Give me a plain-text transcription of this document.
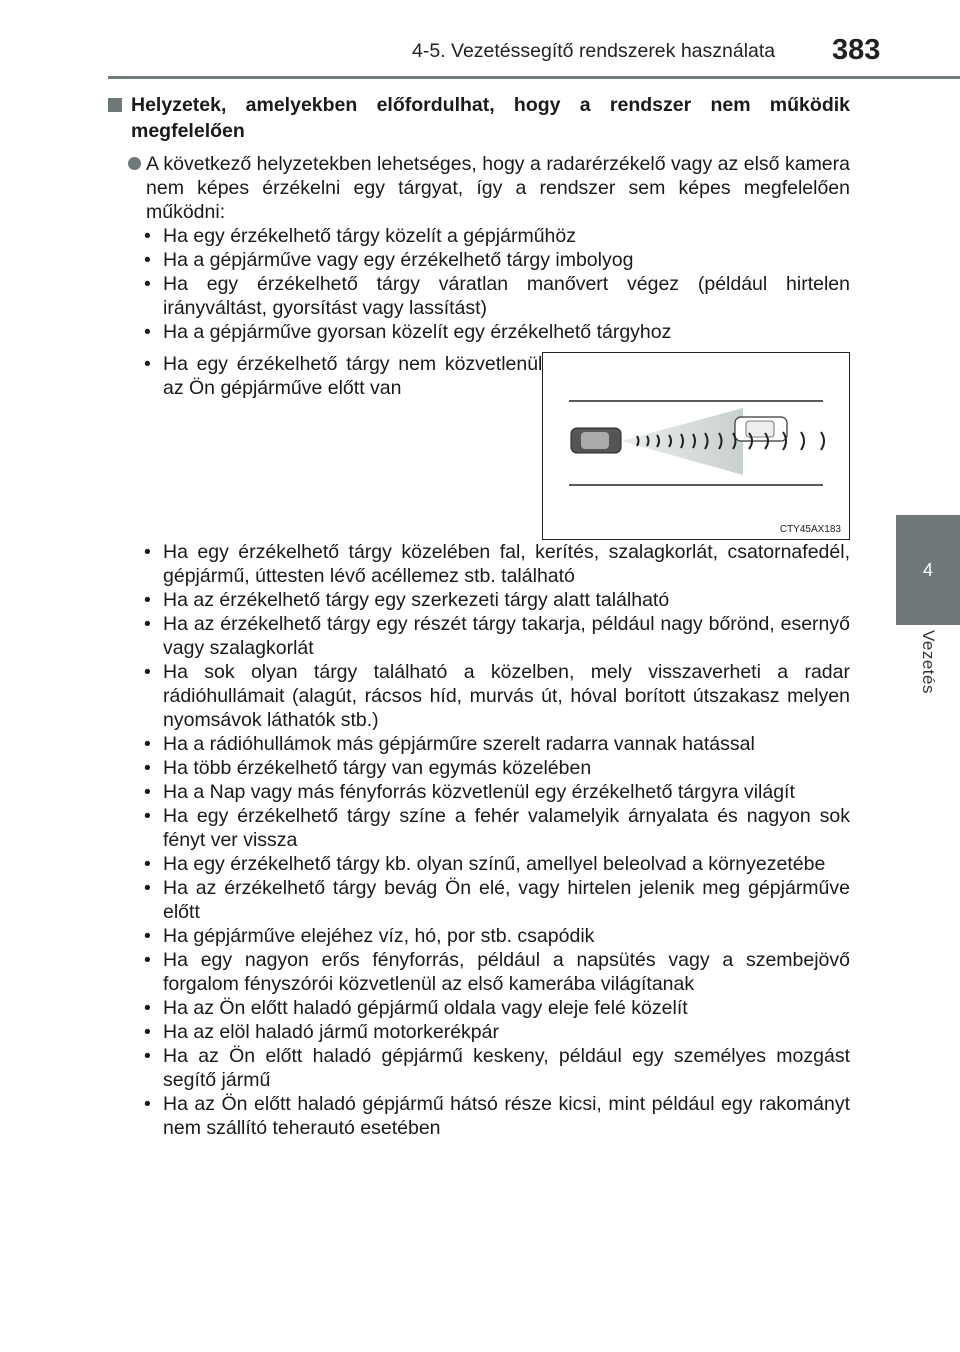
4-5. Vezetéssegítő rendszerek használata 383
4
Vezetés
Helyzetek, amelyekben előfordulhat, hogy a rendszer nem működik megfelelően
A következő helyzetekben lehetséges, hogy a radarérzékelő vagy az első kamera nem képes érzékelni egy tárgyat, így a rendszer sem képes megfelelően működni:
• Ha egy érzékelhető tárgy közelít a gépjárműhöz
• Ha a gépjárműve vagy egy érzékelhető tárgy imbolyog
• Ha egy érzékelhető tárgy váratlan manővert végez (például hirtelen irányváltást, gyorsítást vagy lassítást)
• Ha a gépjárműve gyorsan közelít egy érzékelhető tárgyhoz
• Ha egy érzékelhető tárgy nem közvetlenül az Ön gépjárműve előtt van
CTY45AX183
• Ha egy érzékelhető tárgy közelében fal, kerítés, szalagkorlát, csatornafedél, gépjármű, úttesten lévő acéllemez stb. található
• Ha az érzékelhető tárgy egy szerkezeti tárgy alatt található
• Ha az érzékelhető tárgy egy részét tárgy takarja, például nagy bőrönd, esernyő vagy szalagkorlát
• Ha sok olyan tárgy található a közelben, mely visszaverheti a radar rádióhullámait (alagút, rácsos híd, murvás út, hóval borított útszakasz melyen nyomsávok láthatók stb.)
• Ha a rádióhullámok más gépjárműre szerelt radarra vannak hatással
• Ha több érzékelhető tárgy van egymás közelében
• Ha a Nap vagy más fényforrás közvetlenül egy érzékelhető tárgyra világít
• Ha egy érzékelhető tárgy színe a fehér valamelyik árnyalata és nagyon sok fényt ver vissza
• Ha egy érzékelhető tárgy kb. olyan színű, amellyel beleolvad a környezetébe
• Ha az érzékelhető tárgy bevág Ön elé, vagy hirtelen jelenik meg gépjárműve előtt
• Ha gépjárműve elejéhez víz, hó, por stb. csapódik
• Ha egy nagyon erős fényforrás, például a napsütés vagy a szembejövő forgalom fényszórói közvetlenül az első kamerába világítanak
• Ha az Ön előtt haladó gépjármű oldala vagy eleje felé közelít
• Ha az elöl haladó jármű motorkerékpár
• Ha az Ön előtt haladó gépjármű keskeny, például egy személyes mozgást segítő jármű
• Ha az Ön előtt haladó gépjármű hátsó része kicsi, mint például egy rakományt nem szállító teherautó esetében
